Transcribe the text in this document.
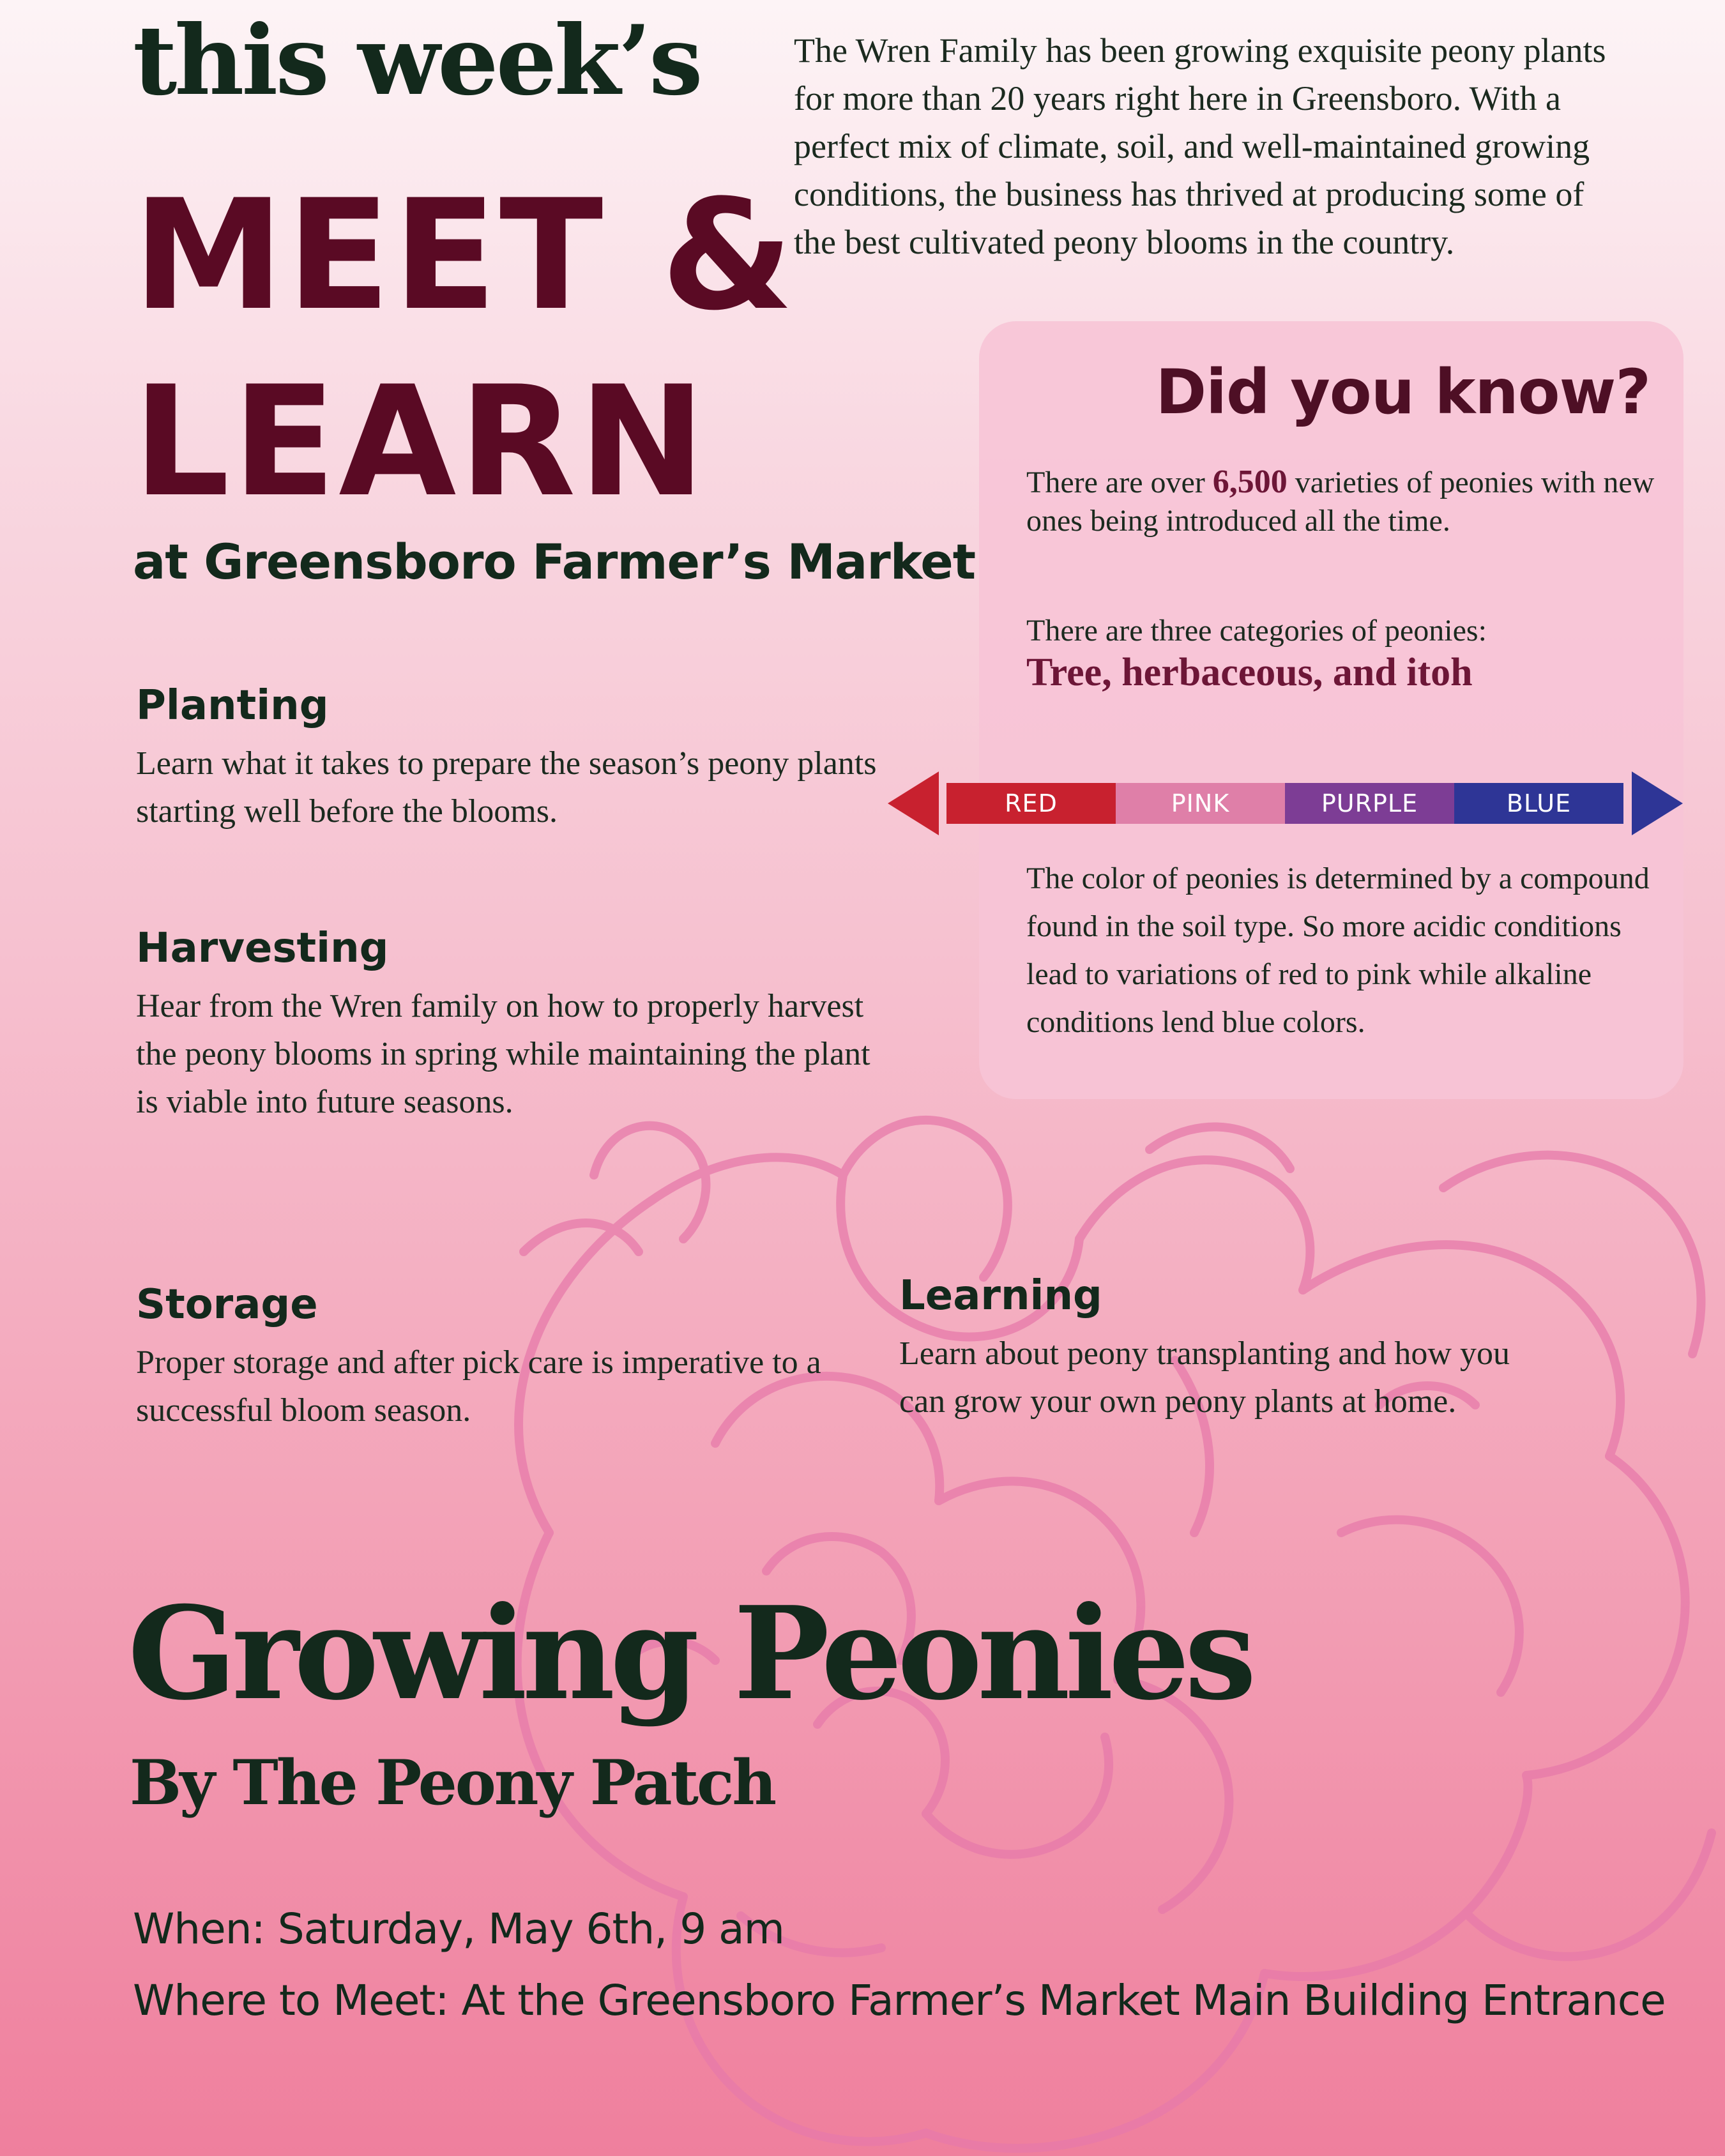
this week’s
MEET &
LEARN
at Greensboro Farmer’s Market

The Wren Family has been growing exquisite peony plants for more than 20 years right here in Greensboro. With a perfect mix of climate, soil, and well-maintained growing conditions, the business has thrived at producing some of the best cultivated peony blooms in the country.

Planting

Learn what it takes to prepare the season’s peony plants starting well before the blooms.

Harvesting

Hear from the Wren family on how to properly harvest the peony blooms in spring while maintaining the plant is viable into future seasons.

Storage

Proper storage and after pick care is imperative to a successful bloom season.

Learning

Learn about peony transplanting and how you can grow your own peony plants at home.

Did you know?

There are over 6,500 varieties of peonies with new ones being introduced all the time.

There are three categories of peonies:

Tree, herbaceous, and itoh

The color of peonies is determined by a compound found in the soil type. So more acidic conditions lead to variations of red to pink while alkaline conditions lend blue colors.

RED	PINK	PURPLE	BLUE
Growing Peonies
By The Peony Patch

When: Saturday, May 6th, 9 am

Where to Meet: At the Greensboro Farmer’s Market Main Building Entrance
